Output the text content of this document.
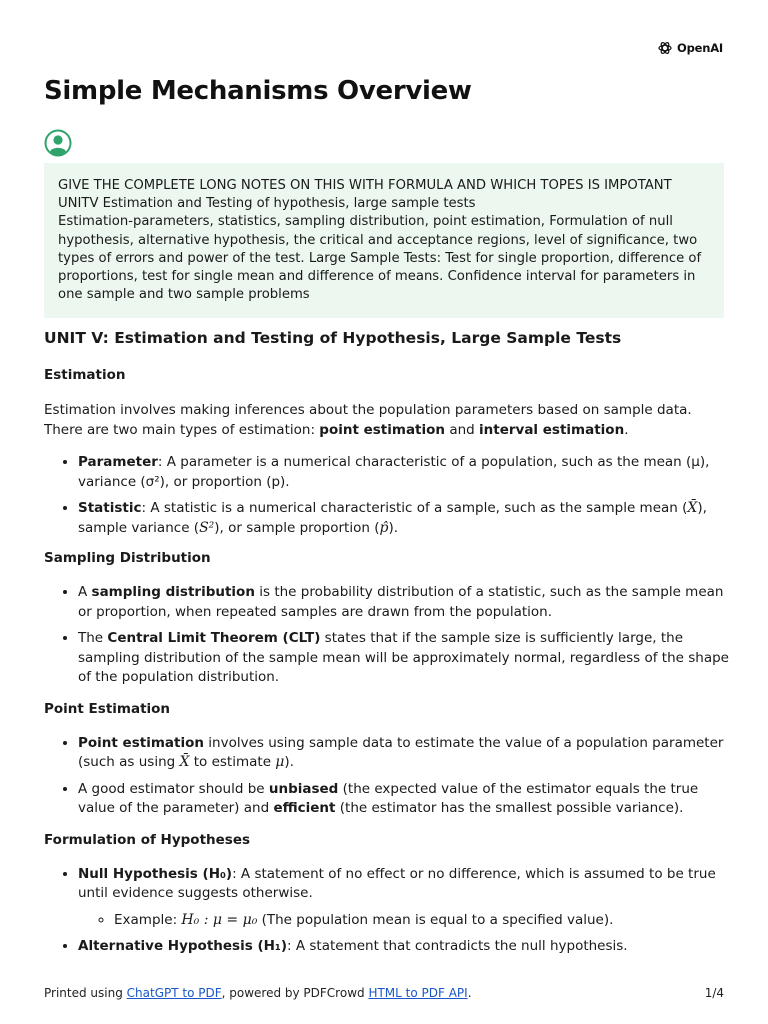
OpenAI
Simple Mechanisms Overview
GIVE THE COMPLETE LONG NOTES ON THIS WITH FORMULA AND WHICH TOPES IS IMPOTANT
UNITV Estimation and Testing of hypothesis, large sample tests
Estimation-parameters, statistics, sampling distribution, point estimation, Formulation of null hypothesis, alternative hypothesis, the critical and acceptance regions, level of significance, two types of errors and power of the test. Large Sample Tests: Test for single proportion, difference of proportions, test for single mean and difference of means. Confidence interval for parameters in one sample and two sample problems
UNIT V: Estimation and Testing of Hypothesis, Large Sample Tests
Estimation

Estimation involves making inferences about the population parameters based on sample data. There are two main types of estimation: point estimation and interval estimation.

• Parameter: A parameter is a numerical characteristic of a population, such as the mean (μ), variance (σ²), or proportion (p).
• Statistic: A statistic is a numerical characteristic of a sample, such as the sample mean (X̄), sample variance (S²), or sample proportion (p̂).
Sampling Distribution
• A sampling distribution is the probability distribution of a statistic, such as the sample mean or proportion, when repeated samples are drawn from the population.
• The Central Limit Theorem (CLT) states that if the sample size is sufficiently large, the sampling distribution of the sample mean will be approximately normal, regardless of the shape of the population distribution.
Point Estimation
• Point estimation involves using sample data to estimate the value of a population parameter (such as using X̄ to estimate μ).
• A good estimator should be unbiased (the expected value of the estimator equals the true value of the parameter) and efficient (the estimator has the smallest possible variance).
Formulation of Hypotheses
• Null Hypothesis (H₀): A statement of no effect or no difference, which is assumed to be true until evidence suggests otherwise.
◦ Example: H₀ : μ = μ₀ (The population mean is equal to a specified value).
• Alternative Hypothesis (H₁): A statement that contradicts the null hypothesis.
Printed using ChatGPT to PDF, powered by PDFCrowd HTML to PDF API.	1/4
